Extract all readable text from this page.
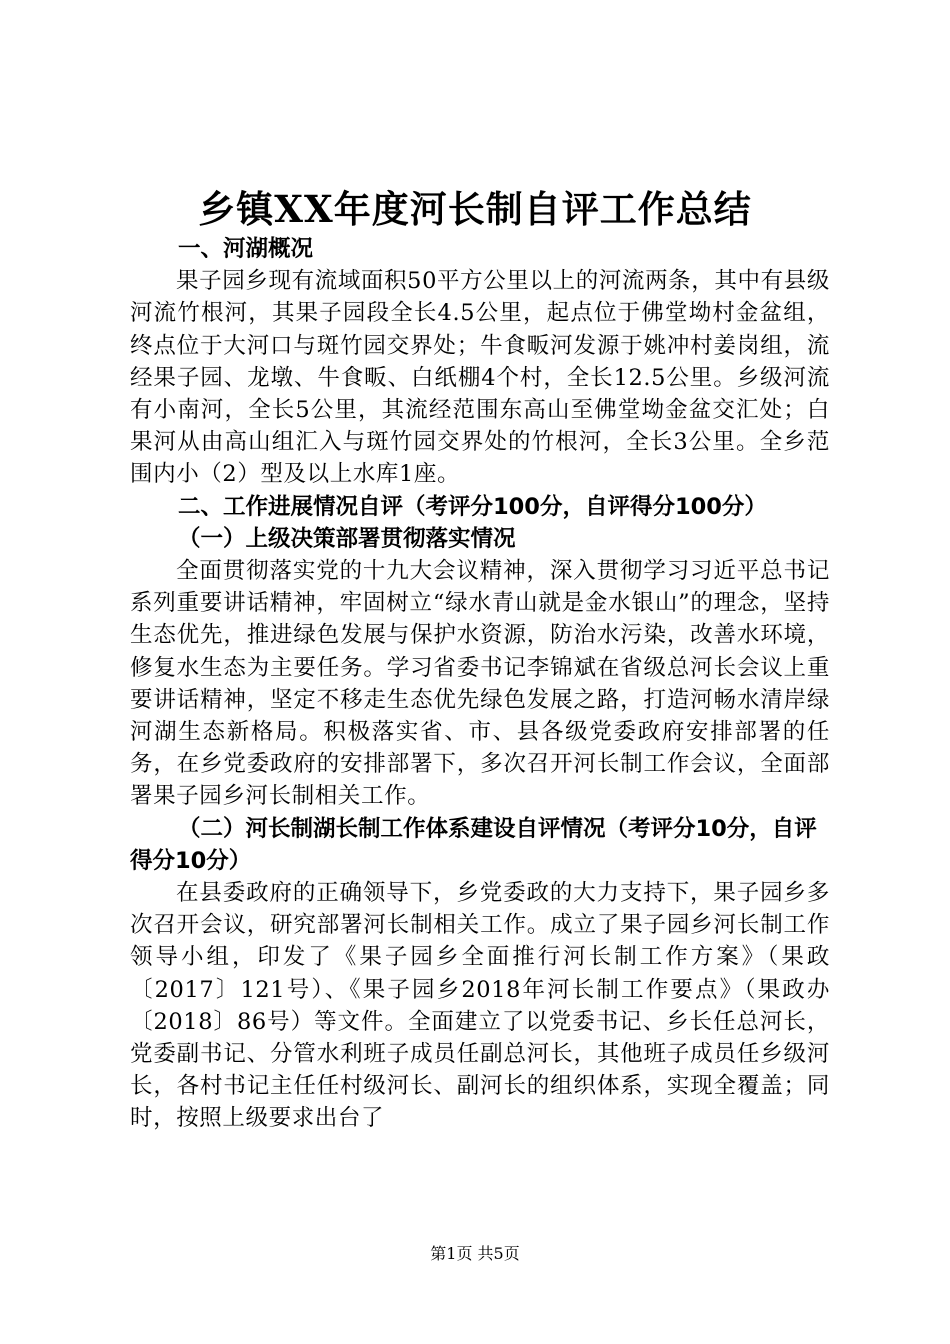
乡镇XX年度河长制自评工作总结

一、河湖概况

果子园乡现有流域面积50平方公里以上的河流两条，其中有县级河流竹根河，其果子园段全长4.5公里，起点位于佛堂坳村金盆组，终点位于大河口与斑竹园交界处；牛食畈河发源于姚冲村姜岗组，流经果子园、龙墩、牛食畈、白纸棚4个村，全长12.5公里。乡级河流有小南河，全长5公里，其流经范围东高山至佛堂坳金盆交汇处；白果河从由高山组汇入与斑竹园交界处的竹根河，全长3公里。全乡范围内小（2）型及以上水库1座。

二、工作进展情况自评（考评分100分，自评得分100分）

（一）上级决策部署贯彻落实情况

全面贯彻落实党的十九大会议精神，深入贯彻学习习近平总书记系列重要讲话精神，牢固树立“绿水青山就是金水银山”的理念，坚持生态优先，推进绿色发展与保护水资源，防治水污染，改善水环境，修复水生态为主要任务。学习省委书记李锦斌在省级总河长会议上重要讲话精神，坚定不移走生态优先绿色发展之路，打造河畅水清岸绿河湖生态新格局。积极落实省、市、县各级党委政府安排部署的任务，在乡党委政府的安排部署下，多次召开河长制工作会议，全面部署果子园乡河长制相关工作。

（二）河长制湖长制工作体系建设自评情况（考评分10分，自评得分10分）

在县委政府的正确领导下，乡党委政的大力支持下，果子园乡多次召开会议，研究部署河长制相关工作。成立了果子园乡河长制工作领导小组，印发了《果子园乡全面推行河长制工作方案》（果政〔2017〕121号）、《果子园乡2018年河长制工作要点》（果政办〔2018〕86号）等文件。全面建立了以党委书记、乡长任总河长，党委副书记、分管水利班子成员任副总河长，其他班子成员任乡级河长，各村书记主任任村级河长、副河长的组织体系，实现全覆盖；同时，按照上级要求出台了

第1页 共5页
